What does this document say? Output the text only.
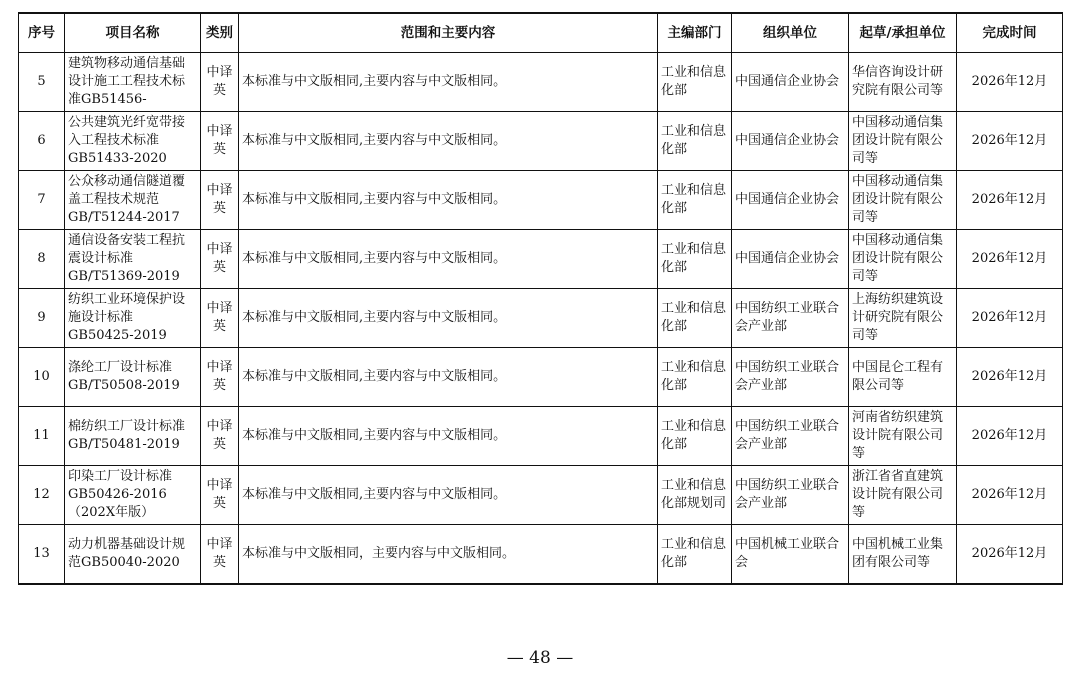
序号	项目名称	类别	范围和主要内容	主编部门	组织单位	起草/承担单位	完成时间
5	建筑物移动通信基础设计施工工程技术标准GB51456-	中译英	本标准与中文版相同,主要内容与中文版相同。	工业和信息化部	中国通信企业协会	华信咨询设计研究院有限公司等	2026年12月
6	公共建筑光纤宽带接入工程技术标准GB51433-2020	中译英	本标准与中文版相同,主要内容与中文版相同。	工业和信息化部	中国通信企业协会	中国移动通信集团设计院有限公司等	2026年12月
7	公众移动通信隧道覆盖工程技术规范GB/T51244-2017	中译英	本标准与中文版相同,主要内容与中文版相同。	工业和信息化部	中国通信企业协会	中国移动通信集团设计院有限公司等	2026年12月
8	通信设备安装工程抗震设计标准GB/T51369-2019	中译英	本标准与中文版相同,主要内容与中文版相同。	工业和信息化部	中国通信企业协会	中国移动通信集团设计院有限公司等	2026年12月
9	纺织工业环境保护设施设计标准GB50425-2019	中译英	本标准与中文版相同,主要内容与中文版相同。	工业和信息化部	中国纺织工业联合会产业部	上海纺织建筑设计研究院有限公司等	2026年12月
10	涤纶工厂设计标准GB/T50508-2019	中译英	本标准与中文版相同,主要内容与中文版相同。	工业和信息化部	中国纺织工业联合会产业部	中国昆仑工程有限公司等	2026年12月
11	棉纺织工厂设计标准GB/T50481-2019	中译英	本标准与中文版相同,主要内容与中文版相同。	工业和信息化部	中国纺织工业联合会产业部	河南省纺织建筑设计院有限公司等	2026年12月
12	印染工厂设计标准GB50426-2016（202X年版）	中译英	本标准与中文版相同,主要内容与中文版相同。	工业和信息化部规划司	中国纺织工业联合会产业部	浙江省省直建筑设计院有限公司等	2026年12月
13	动力机器基础设计规范GB50040-2020	中译英	本标准与中文版相同，主要内容与中文版相同。	工业和信息化部	中国机械工业联合会	中国机械工业集团有限公司等	2026年12月
— 48 —
